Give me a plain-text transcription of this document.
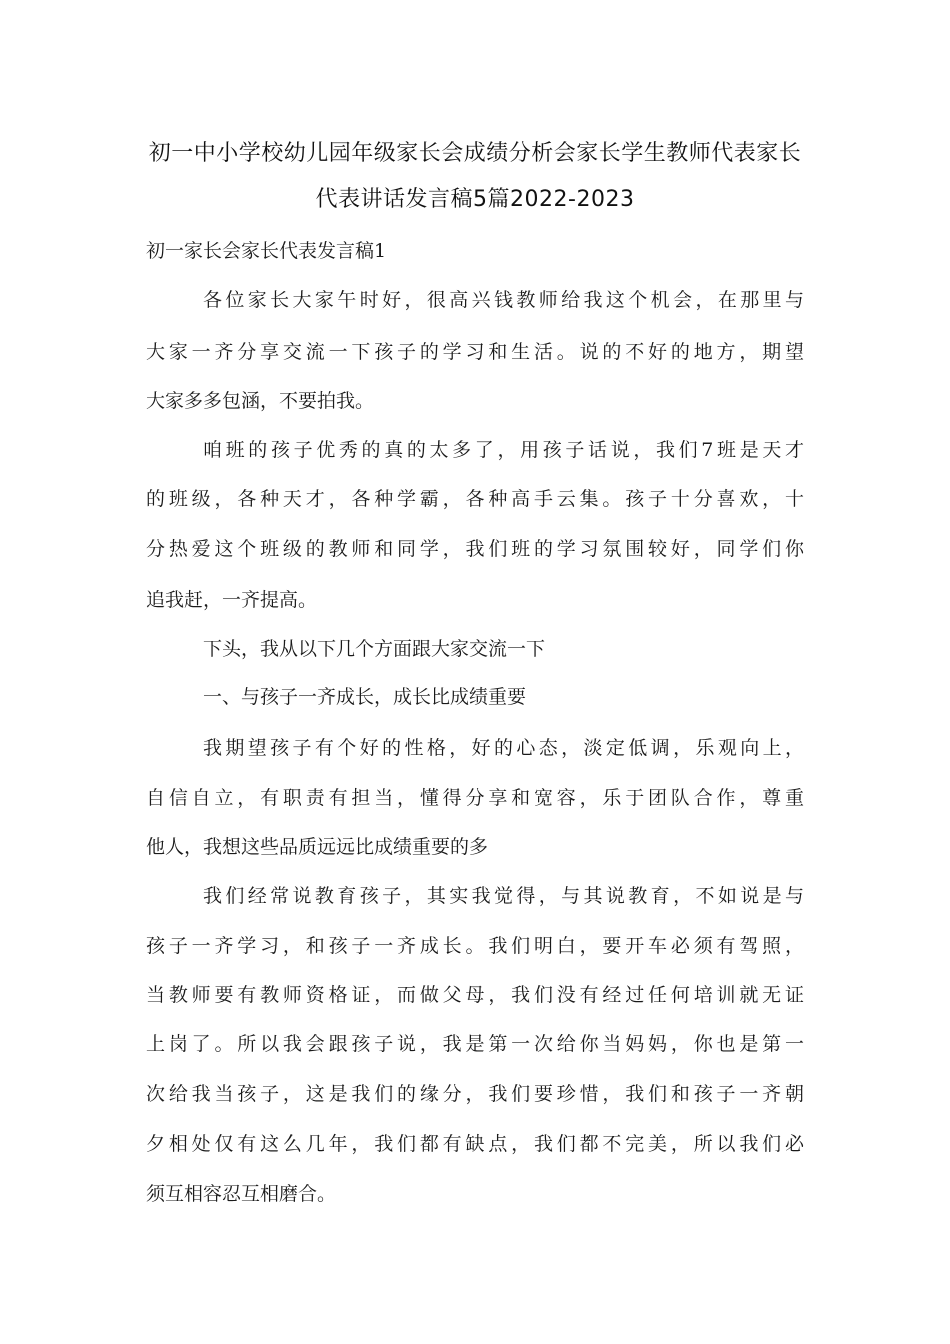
初一中小学校幼儿园年级家长会成绩分析会家长学生教师代表家长
代表讲话发言稿5篇2022-2023
初一家长会家长代表发言稿1
各位家长大家午时好，很高兴钱教师给我这个机会，在那里与
大家一齐分享交流一下孩子的学习和生活。说的不好的地方，期望
大家多多包涵，不要拍我。
咱班的孩子优秀的真的太多了，用孩子话说，我们7班是天才
的班级，各种天才，各种学霸，各种高手云集。孩子十分喜欢，十
分热爱这个班级的教师和同学，我们班的学习氛围较好，同学们你
追我赶，一齐提高。
下头，我从以下几个方面跟大家交流一下
一、与孩子一齐成长，成长比成绩重要
我期望孩子有个好的性格，好的心态，淡定低调，乐观向上，
自信自立，有职责有担当，懂得分享和宽容，乐于团队合作，尊重
他人，我想这些品质远远比成绩重要的多
我们经常说教育孩子，其实我觉得，与其说教育，不如说是与
孩子一齐学习，和孩子一齐成长。我们明白，要开车必须有驾照，
当教师要有教师资格证，而做父母，我们没有经过任何培训就无证
上岗了。所以我会跟孩子说，我是第一次给你当妈妈，你也是第一
次给我当孩子，这是我们的缘分，我们要珍惜，我们和孩子一齐朝
夕相处仅有这么几年，我们都有缺点，我们都不完美，所以我们必
须互相容忍互相磨合。
